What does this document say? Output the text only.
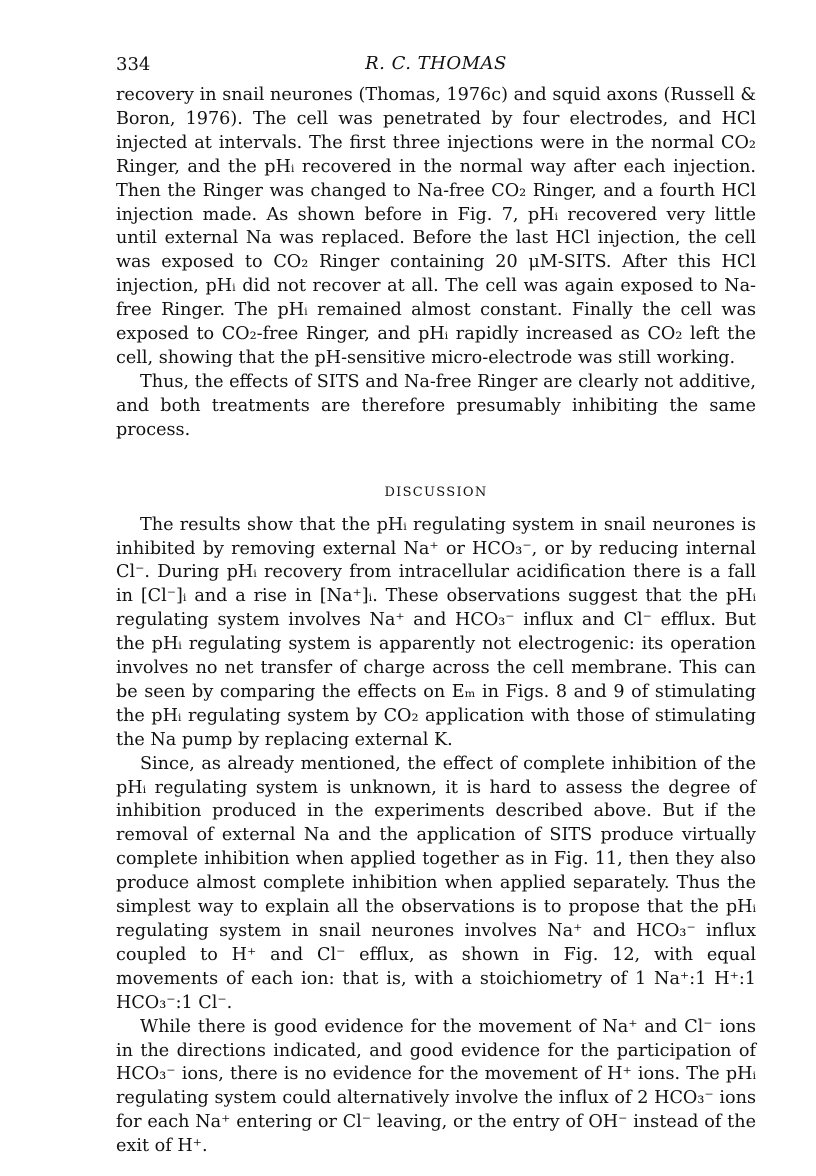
334	R. C. THOMAS

recovery in snail neurones (Thomas, 1976c) and squid axons (Russell & Boron, 1976). The cell was penetrated by four electrodes, and HCl injected at intervals. The first three injections were in the normal CO₂ Ringer, and the pHᵢ recovered in the normal way after each injection. Then the Ringer was changed to Na-free CO₂ Ringer, and a fourth HCl injection made. As shown before in Fig. 7, pHᵢ recovered very little until external Na was replaced. Before the last HCl injection, the cell was exposed to CO₂ Ringer containing 20 μM-SITS. After this HCl injection, pHᵢ did not recover at all. The cell was again exposed to Na-free Ringer. The pHᵢ remained almost constant. Finally the cell was exposed to CO₂-free Ringer, and pHᵢ rapidly increased as CO₂ left the cell, showing that the pH-sensitive micro-electrode was still working.

Thus, the effects of SITS and Na-free Ringer are clearly not additive, and both treatments are therefore presumably inhibiting the same process.

DISCUSSION

The results show that the pHᵢ regulating system in snail neurones is inhibited by removing external Na⁺ or HCO₃⁻, or by reducing internal Cl⁻. During pHᵢ recovery from intracellular acidification there is a fall in [Cl⁻]ᵢ and a rise in [Na⁺]ᵢ. These observations suggest that the pHᵢ regulating system involves Na⁺ and HCO₃⁻ influx and Cl⁻ efflux. But the pHᵢ regulating system is apparently not electrogenic: its operation involves no net transfer of charge across the cell membrane. This can be seen by comparing the effects on Eₘ in Figs. 8 and 9 of stimulating the pHᵢ regulating system by CO₂ application with those of stimulating the Na pump by replacing external K.

Since, as already mentioned, the effect of complete inhibition of the pHᵢ regulating system is unknown, it is hard to assess the degree of inhibition produced in the experiments described above. But if the removal of external Na and the application of SITS produce virtually complete inhibition when applied together as in Fig. 11, then they also produce almost complete inhibition when applied separately. Thus the simplest way to explain all the observations is to propose that the pHᵢ regulating system in snail neurones involves Na⁺ and HCO₃⁻ influx coupled to H⁺ and Cl⁻ efflux, as shown in Fig. 12, with equal movements of each ion: that is, with a stoichiometry of 1 Na⁺:1 H⁺:1 HCO₃⁻:1 Cl⁻.

While there is good evidence for the movement of Na⁺ and Cl⁻ ions in the directions indicated, and good evidence for the participation of HCO₃⁻ ions, there is no evidence for the movement of H⁺ ions. The pHᵢ regulating system could alternatively involve the influx of 2 HCO₃⁻ ions for each Na⁺ entering or Cl⁻ leaving, or the entry of OH⁻ instead of the exit of H⁺.
